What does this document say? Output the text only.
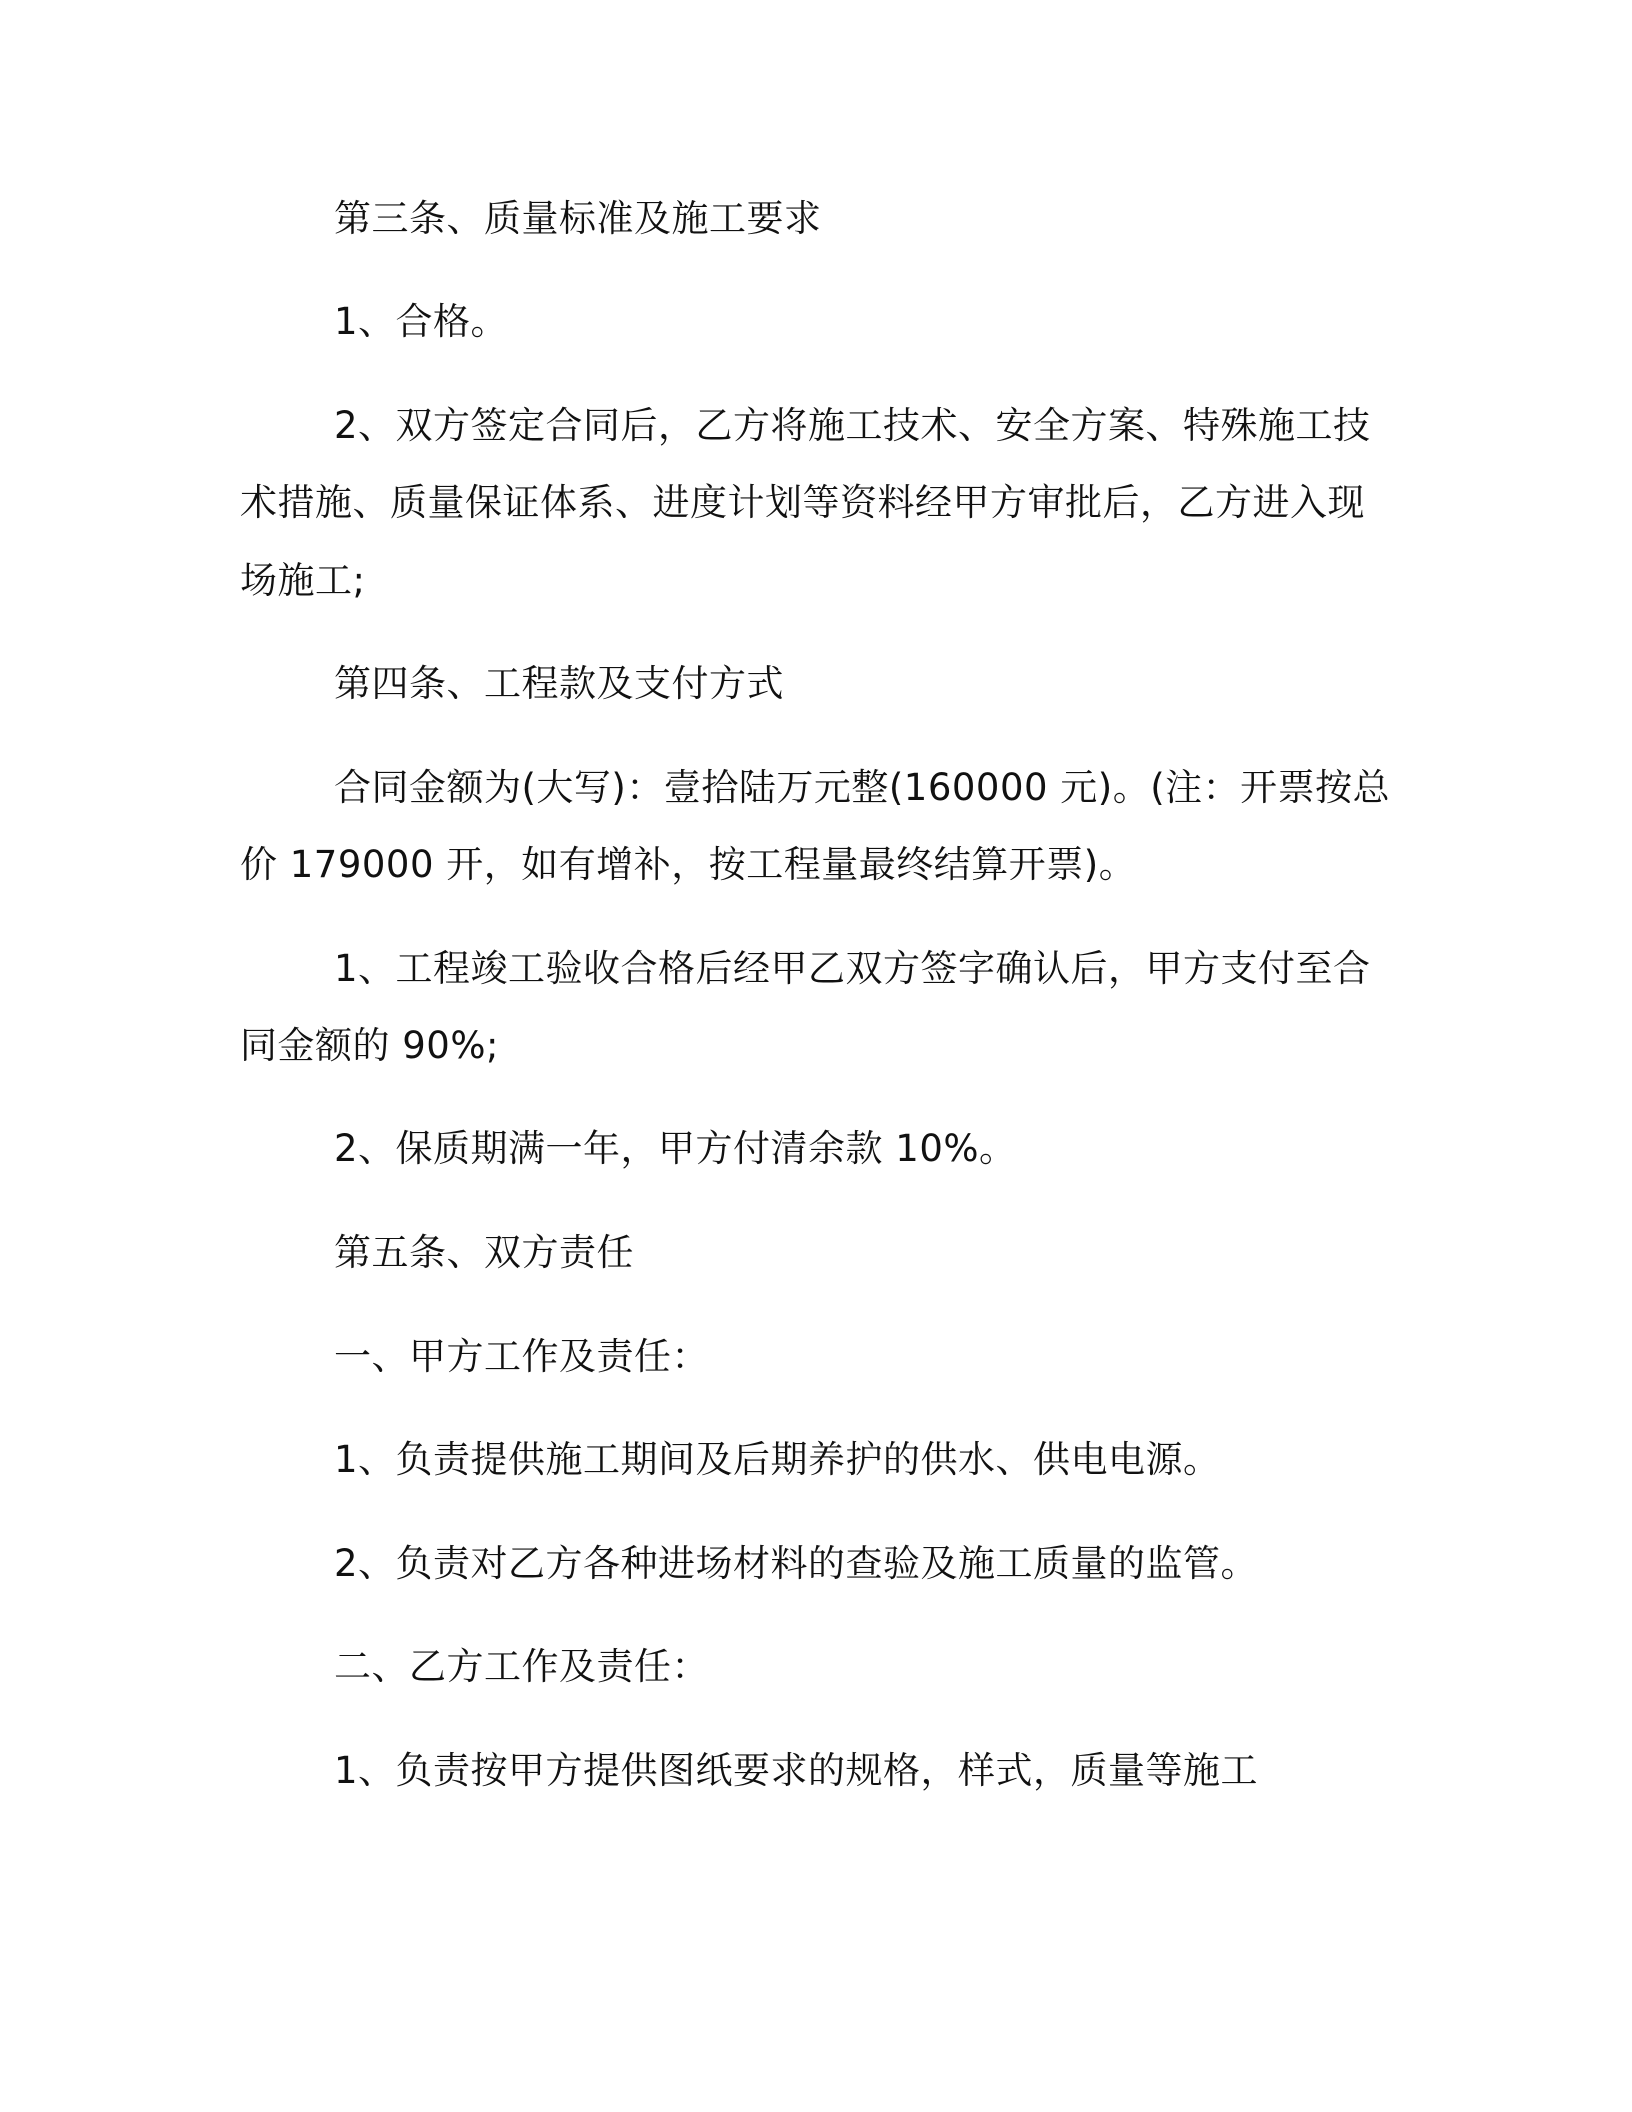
第三条、质量标准及施工要求
1、合格。
2、双方签定合同后，乙方将施工技术、安全方案、特殊施工技
术措施、质量保证体系、进度计划等资料经甲方审批后，乙方进入现
场施工;
第四条、工程款及支付方式
合同金额为(大写)：壹拾陆万元整(160000 元)。(注：开票按总
价 179000 开，如有增补，按工程量最终结算开票)。
1、工程竣工验收合格后经甲乙双方签字确认后，甲方支付至合
同金额的 90%;
2、保质期满一年，甲方付清余款 10%。
第五条、双方责任
一、甲方工作及责任：
1、负责提供施工期间及后期养护的供水、供电电源。
2、负责对乙方各种进场材料的查验及施工质量的监管。
二、乙方工作及责任：
1、负责按甲方提供图纸要求的规格，样式，质量等施工
